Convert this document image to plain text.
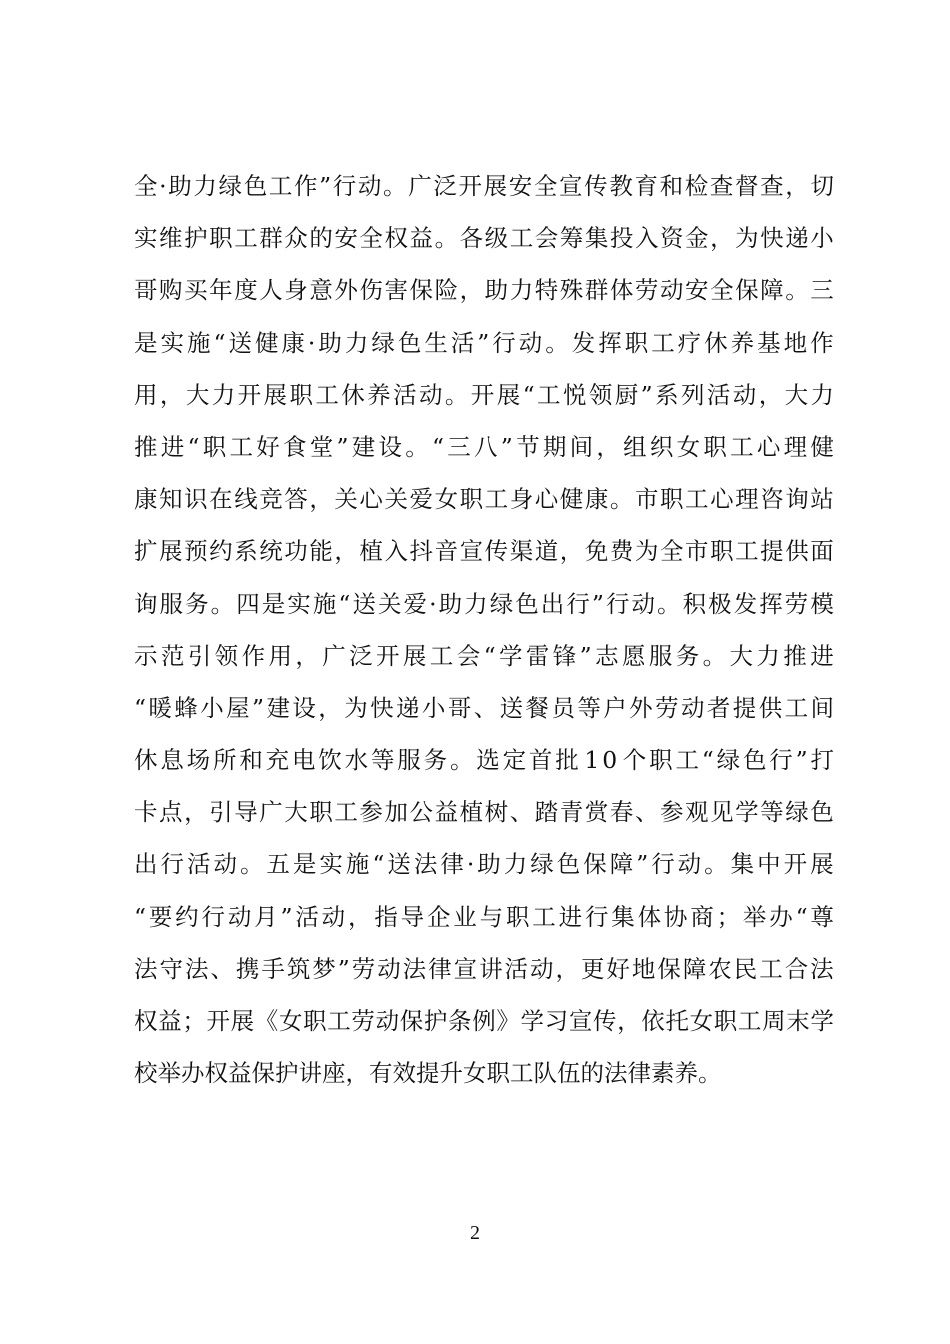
全 · 助 力 绿 色 工 作 ” 行 动 。 广 泛 开 展 安 全 宣 传 教 育 和 检 查 督 查 ， 切
实 维 护 职 工 群 众 的 安 全 权 益 。 各 级 工 会 筹 集 投 入 资 金 ， 为 快 递 小
哥 购 买 年 度 人 身 意 外 伤 害 保 险 ， 助 力 特 殊 群 体 劳 动 安 全 保 障 。 三
是 实 施 “ 送 健 康 · 助 力 绿 色 生 活 ” 行 动 。 发 挥 职 工 疗 休 养 基 地 作
用 ， 大 力 开 展 职 工 休 养 活 动 。 开 展 “ 工 悦 领 厨 ” 系 列 活 动 ， 大 力
推 进 “ 职 工 好 食 堂 ” 建 设 。 “ 三 八 ” 节 期 间 ， 组 织 女 职 工 心 理 健
康 知 识 在 线 竞 答 ， 关 心 关 爱 女 职 工 身 心 健 康 。 市 职 工 心 理 咨 询 站
扩 展 预 约 系 统 功 能 ， 植 入 抖 音 宣 传 渠 道 ， 免 费 为 全 市 职 工 提 供 面
询 服 务 。 四 是 实 施 “ 送 关 爱 · 助 力 绿 色 出 行 ” 行 动 。 积 极 发 挥 劳 模
示 范 引 领 作 用 ， 广 泛 开 展 工 会 “ 学 雷 锋 ” 志 愿 服 务 。 大 力 推 进
“ 暖 蜂 小 屋 ” 建 设 ， 为 快 递 小 哥 、 送 餐 员 等 户 外 劳 动 者 提 供 工 间
休 息 场 所 和 充 电 饮 水 等 服 务 。 选 定 首 批 1 0 个 职 工 “ 绿 色 行 ” 打
卡 点 ， 引 导 广 大 职 工 参 加 公 益 植 树 、 踏 青 赏 春 、 参 观 见 学 等 绿 色
出 行 活 动 。 五 是 实 施 “ 送 法 律 · 助 力 绿 色 保 障 ” 行 动 。 集 中 开 展
“ 要 约 行 动 月 ” 活 动 ， 指 导 企 业 与 职 工 进 行 集 体 协 商 ； 举 办 “ 尊
法 守 法 、 携 手 筑 梦 ” 劳 动 法 律 宣 讲 活 动 ， 更 好 地 保 障 农 民 工 合 法
权 益 ； 开 展 《 女 职 工 劳 动 保 护 条 例 》 学 习 宣 传 ， 依 托 女 职 工 周 末 学
校举办权益保护讲座，有效提升女职工队伍的法律素养。
2
